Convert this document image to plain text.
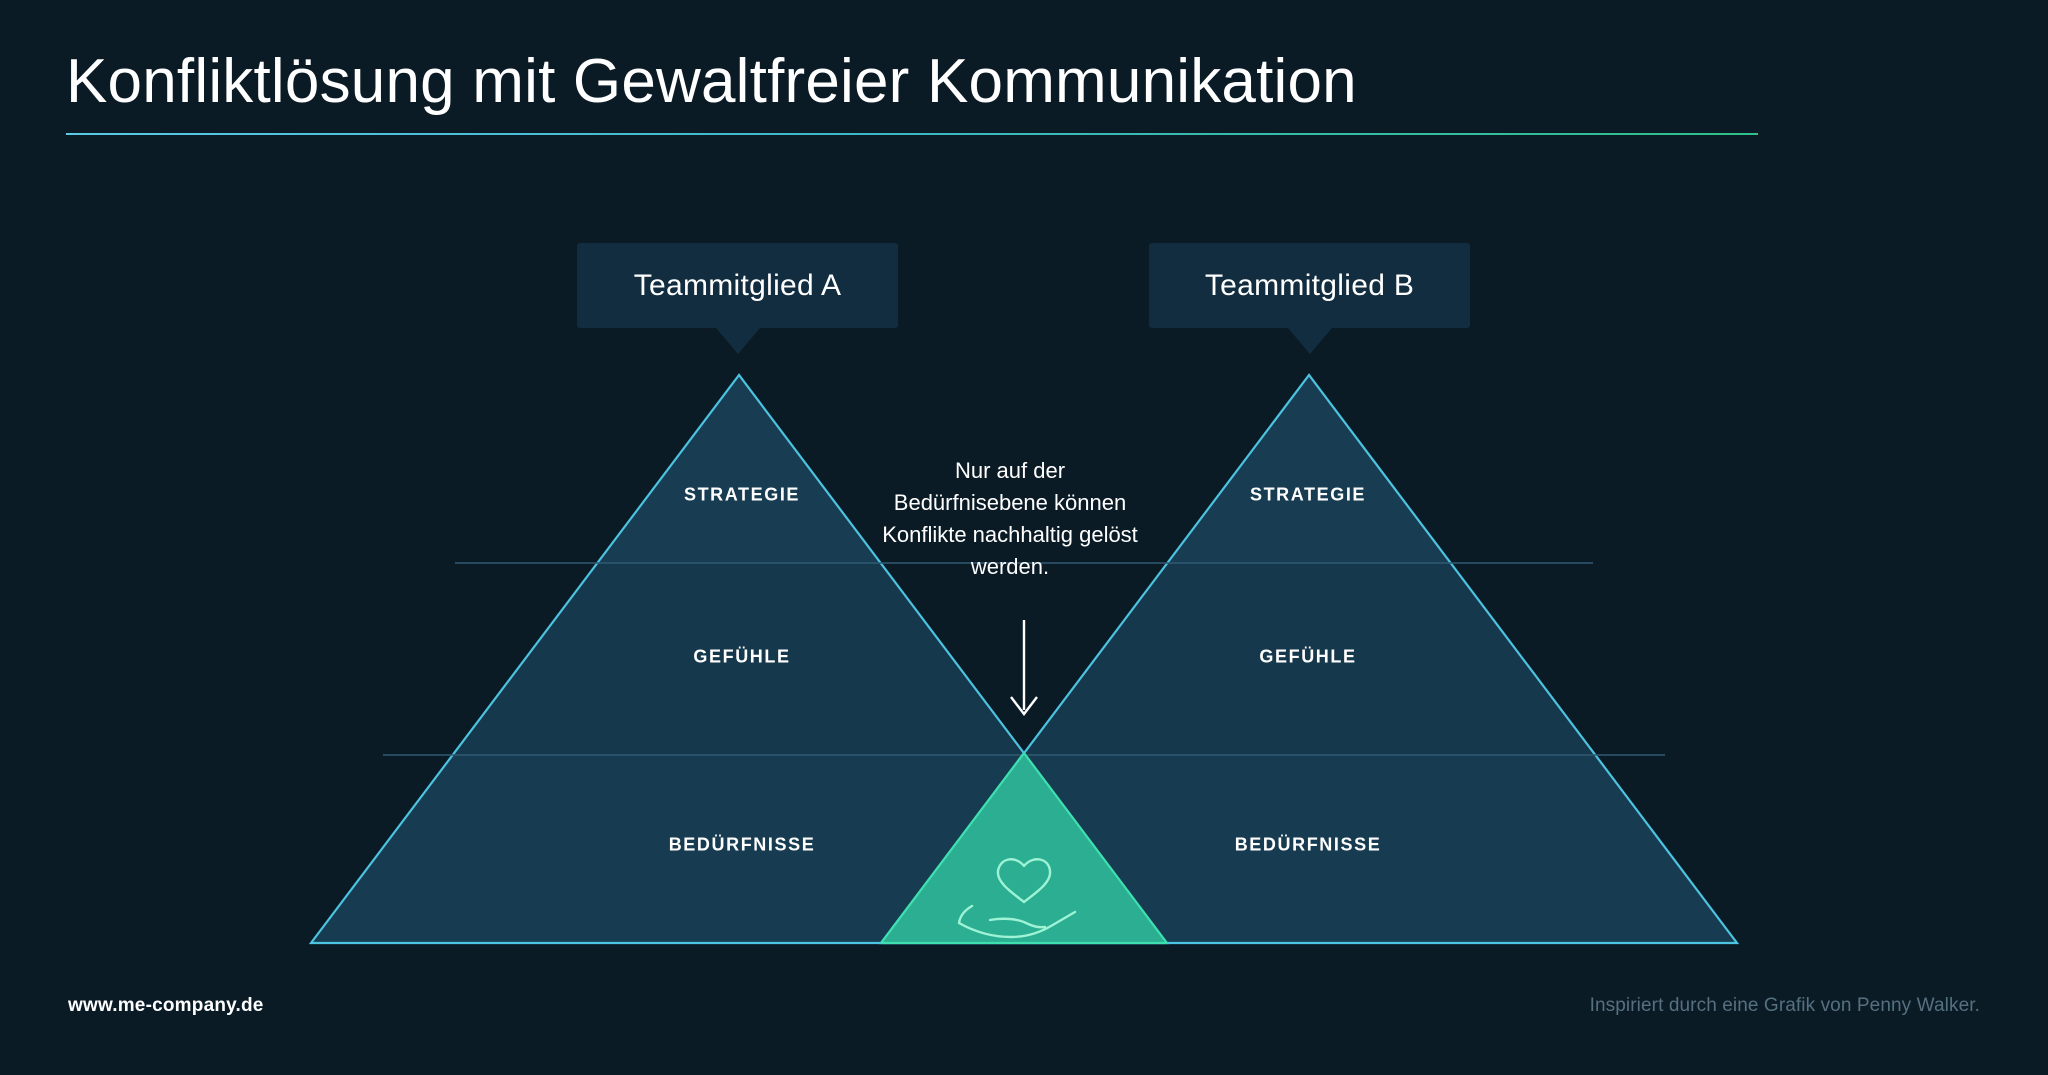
Konfliktlösung mit Gewaltfreier Kommunikation
Teammitglied A	Teammitglied B
STRATEGIE
GEFÜHLE
BEDÜRFNISSE
STRATEGIE
GEFÜHLE
BEDÜRFNISSE
Nur auf der Bedürfnisebene können Konflikte nachhaltig gelöst werden.
www.me-company.de	Inspiriert durch eine Grafik von Penny Walker.
